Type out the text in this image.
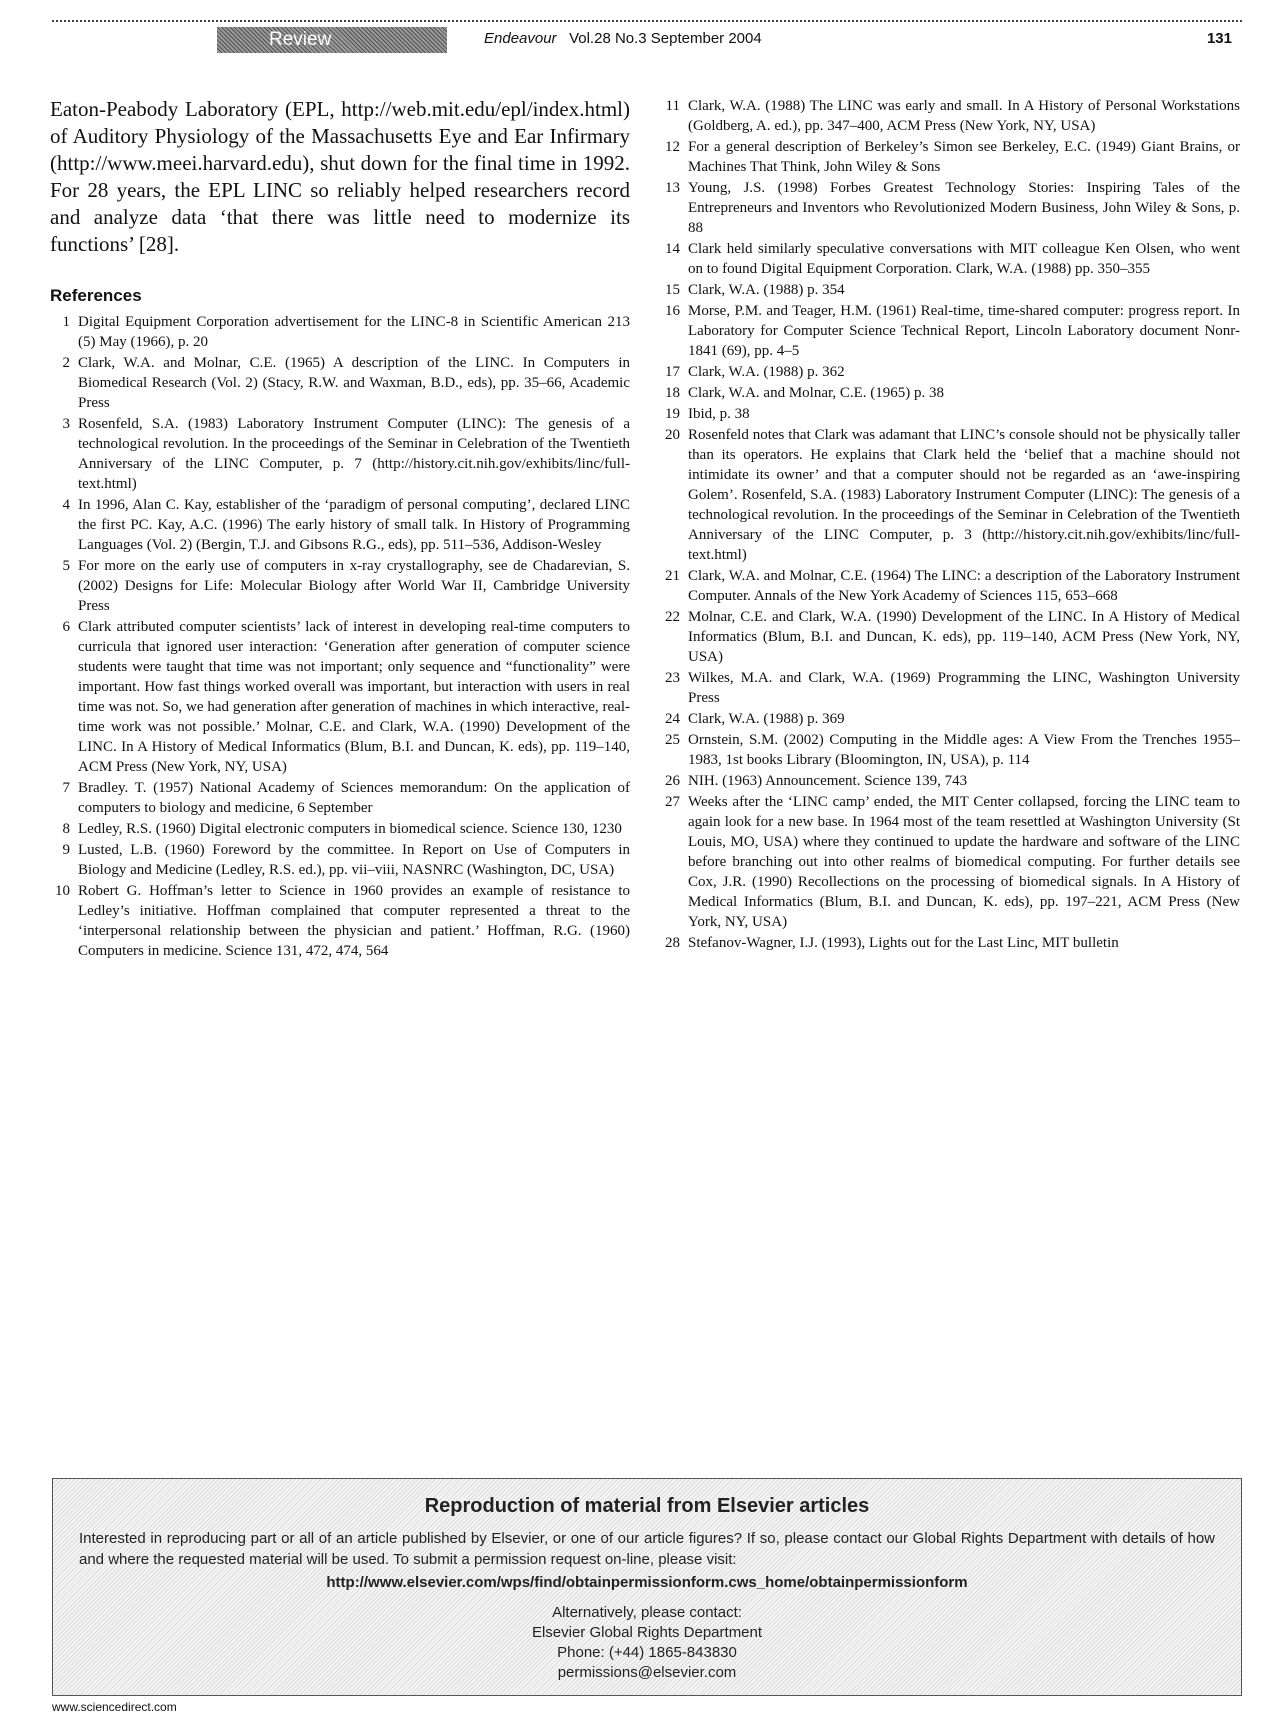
Review	Endeavour Vol.28 No.3 September 2004	131

Eaton-Peabody Laboratory (EPL, http://web.mit.edu/epl/index.html) of Auditory Physiology of the Massachusetts Eye and Ear Infirmary (http://www.meei.harvard.edu), shut down for the final time in 1992. For 28 years, the EPL LINC so reliably helped researchers record and analyze data ‘that there was little need to modernize its functions’ [28].

References
1 Digital Equipment Corporation advertisement for the LINC-8 in Scientific American 213 (5) May (1966), p. 20
2 Clark, W.A. and Molnar, C.E. (1965) A description of the LINC. In Computers in Biomedical Research (Vol. 2) (Stacy, R.W. and Waxman, B.D., eds), pp. 35–66, Academic Press
3 Rosenfeld, S.A. (1983) Laboratory Instrument Computer (LINC): The genesis of a technological revolution. In the proceedings of the Seminar in Celebration of the Twentieth Anniversary of the LINC Computer, p. 7 (http://history.cit.nih.gov/exhibits/linc/full-text.html)
4 In 1996, Alan C. Kay, establisher of the ‘paradigm of personal computing’, declared LINC the first PC. Kay, A.C. (1996) The early history of small talk. In History of Programming Languages (Vol. 2) (Bergin, T.J. and Gibsons R.G., eds), pp. 511–536, Addison-Wesley
5 For more on the early use of computers in x-ray crystallography, see de Chadarevian, S. (2002) Designs for Life: Molecular Biology after World War II, Cambridge University Press
6 Clark attributed computer scientists’ lack of interest in developing real-time computers to curricula that ignored user interaction: ‘Generation after generation of computer science students were taught that time was not important; only sequence and “functionality” were important. How fast things worked overall was important, but interaction with users in real time was not. So, we had generation after generation of machines in which interactive, real-time work was not possible.’ Molnar, C.E. and Clark, W.A. (1990) Development of the LINC. In A History of Medical Informatics (Blum, B.I. and Duncan, K. eds), pp. 119–140, ACM Press (New York, NY, USA)
7 Bradley. T. (1957) National Academy of Sciences memorandum: On the application of computers to biology and medicine, 6 September
8 Ledley, R.S. (1960) Digital electronic computers in biomedical science. Science 130, 1230
9 Lusted, L.B. (1960) Foreword by the committee. In Report on Use of Computers in Biology and Medicine (Ledley, R.S. ed.), pp. vii–viii, NASNRC (Washington, DC, USA)
10 Robert G. Hoffman’s letter to Science in 1960 provides an example of resistance to Ledley’s initiative. Hoffman complained that computer represented a threat to the ‘interpersonal relationship between the physician and patient.’ Hoffman, R.G. (1960) Computers in medicine. Science 131, 472, 474, 564
11 Clark, W.A. (1988) The LINC was early and small. In A History of Personal Workstations (Goldberg, A. ed.), pp. 347–400, ACM Press (New York, NY, USA)
12 For a general description of Berkeley’s Simon see Berkeley, E.C. (1949) Giant Brains, or Machines That Think, John Wiley & Sons
13 Young, J.S. (1998) Forbes Greatest Technology Stories: Inspiring Tales of the Entrepreneurs and Inventors who Revolutionized Modern Business, John Wiley & Sons, p. 88
14 Clark held similarly speculative conversations with MIT colleague Ken Olsen, who went on to found Digital Equipment Corporation. Clark, W.A. (1988) pp. 350–355
15 Clark, W.A. (1988) p. 354
16 Morse, P.M. and Teager, H.M. (1961) Real-time, time-shared computer: progress report. In Laboratory for Computer Science Technical Report, Lincoln Laboratory document Nonr-1841 (69), pp. 4–5
17 Clark, W.A. (1988) p. 362
18 Clark, W.A. and Molnar, C.E. (1965) p. 38
19 Ibid, p. 38
20 Rosenfeld notes that Clark was adamant that LINC’s console should not be physically taller than its operators. He explains that Clark held the ‘belief that a machine should not intimidate its owner’ and that a computer should not be regarded as an ‘awe-inspiring Golem’. Rosenfeld, S.A. (1983) Laboratory Instrument Computer (LINC): The genesis of a technological revolution. In the proceedings of the Seminar in Celebration of the Twentieth Anniversary of the LINC Computer, p. 3 (http://history.cit.nih.gov/exhibits/linc/full-text.html)
21 Clark, W.A. and Molnar, C.E. (1964) The LINC: a description of the Laboratory Instrument Computer. Annals of the New York Academy of Sciences 115, 653–668
22 Molnar, C.E. and Clark, W.A. (1990) Development of the LINC. In A History of Medical Informatics (Blum, B.I. and Duncan, K. eds), pp. 119–140, ACM Press (New York, NY, USA)
23 Wilkes, M.A. and Clark, W.A. (1969) Programming the LINC, Washington University Press
24 Clark, W.A. (1988) p. 369
25 Ornstein, S.M. (2002) Computing in the Middle ages: A View From the Trenches 1955–1983, 1st books Library (Bloomington, IN, USA), p. 114
26 NIH. (1963) Announcement. Science 139, 743
27 Weeks after the ‘LINC camp’ ended, the MIT Center collapsed, forcing the LINC team to again look for a new base. In 1964 most of the team resettled at Washington University (St Louis, MO, USA) where they continued to update the hardware and software of the LINC before branching out into other realms of biomedical computing. For further details see Cox, J.R. (1990) Recollections on the processing of biomedical signals. In A History of Medical Informatics (Blum, B.I. and Duncan, K. eds), pp. 197–221, ACM Press (New York, NY, USA)
28 Stefanov-Wagner, I.J. (1993), Lights out for the Last Linc, MIT bulletin
Reproduction of material from Elsevier articles
Interested in reproducing part or all of an article published by Elsevier, or one of our article figures? If so, please contact our Global Rights Department with details of how and where the requested material will be used. To submit a permission request on-line, please visit:
http://www.elsevier.com/wps/find/obtainpermissionform.cws_home/obtainpermissionform
Alternatively, please contact:
Elsevier Global Rights Department
Phone: (+44) 1865-843830
permissions@elsevier.com
www.sciencedirect.com
